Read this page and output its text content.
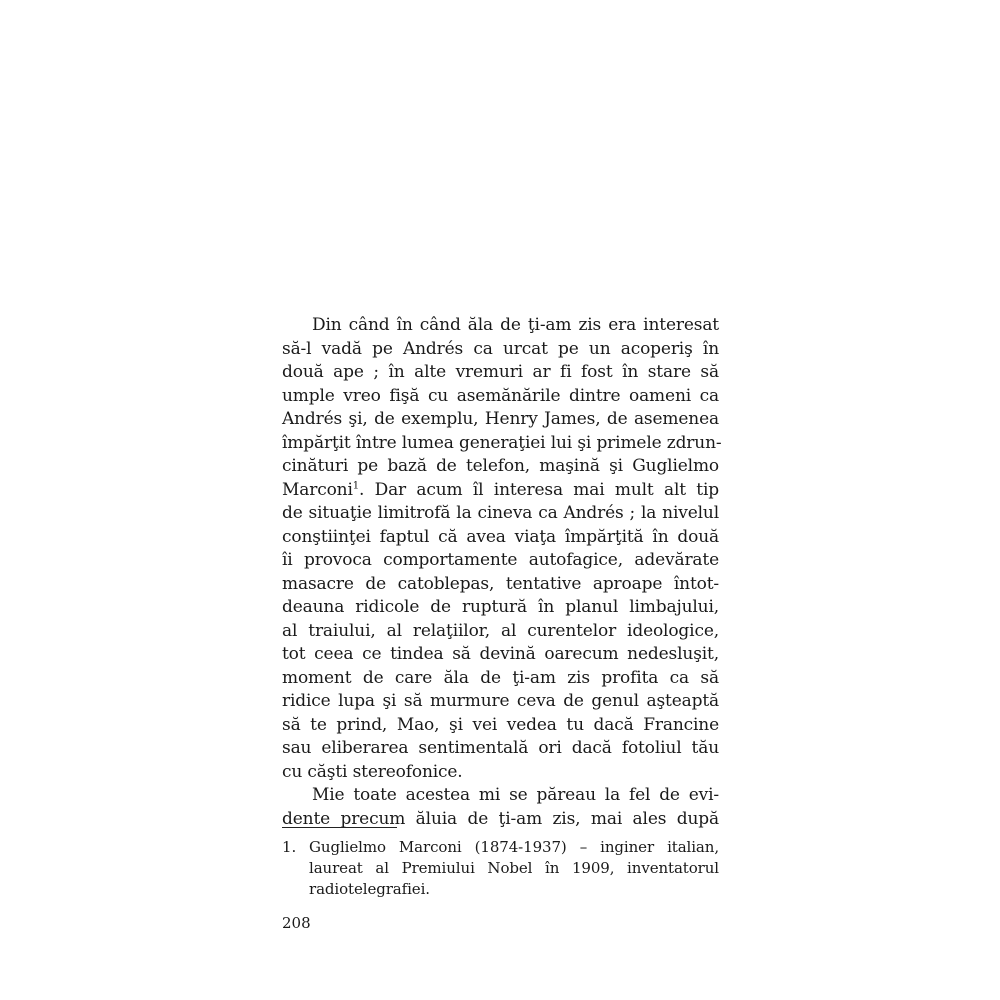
Din când în când ăla de ţi-am zis era interesat
să-l vadă pe Andrés ca urcat pe un acoperiş în
două ape ; în alte vremuri ar fi fost în stare să
umple vreo fişă cu asemănările dintre oameni ca
Andrés şi, de exemplu, Henry James, de asemenea
împărţit între lumea generaţiei lui şi primele zdrun-
cinături pe bază de telefon, maşină şi Guglielmo
Marconi$^1$. Dar acum îl interesa mai mult alt tip
de situaţie limitrofă la cineva ca Andrés ; la nivelul
conştiinţei faptul că avea viaţa împărţită în două
îi provoca comportamente autofagice, adevărate
masacre de catoblepas, tentative aproape întot-
deauna ridicole de ruptură în planul limbajului,
al traiului, al relaţiilor, al curentelor ideologice,
tot ceea ce tindea să devină oarecum nedesluşit,
moment de care ăla de ţi-am zis profita ca să
ridice lupa şi să murmure ceva de genul aşteaptă
să te prind, Mao, şi vei vedea tu dacă Francine
sau eliberarea sentimentală ori dacă fotoliul tău
cu căşti stereofonice.
Mie toate acestea mi se păreau la fel de evi-
dente precum ăluia de ţi-am zis, mai ales după
1. Guglielmo Marconi (1874-1937) – inginer italian,
laureat al Premiului Nobel în 1909, inventatorul
radiotelegrafiei.
208
